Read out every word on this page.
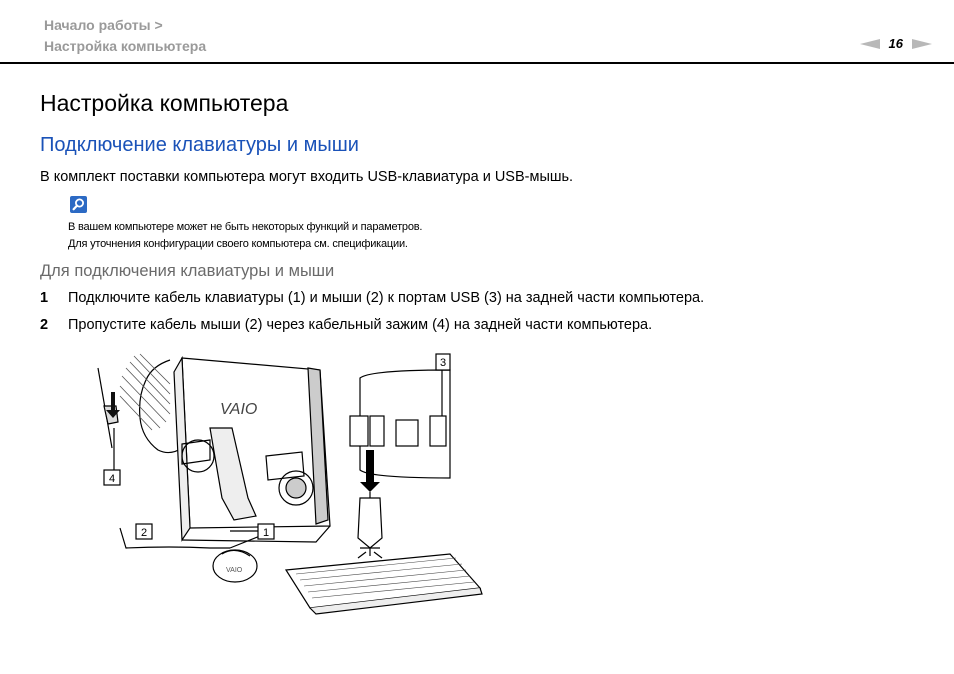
Начало работы >
Настройка компьютера	16
Настройка компьютера
Подключение клавиатуры и мыши
В комплект поставки компьютера могут входить USB-клавиатура и USB-мышь.
В вашем компьютере может не быть некоторых функций и параметров.
Для уточнения конфигурации своего компьютера см. спецификации.
Для подключения клавиатуры и мыши
1 Подключите кабель клавиатуры (1) и мыши (2) к портам USB (3) на задней части компьютера.
2 Пропустите кабель мыши (2) через кабельный зажим (4) на задней части компьютера.
VAIO
VAIO
4
2	1
3
